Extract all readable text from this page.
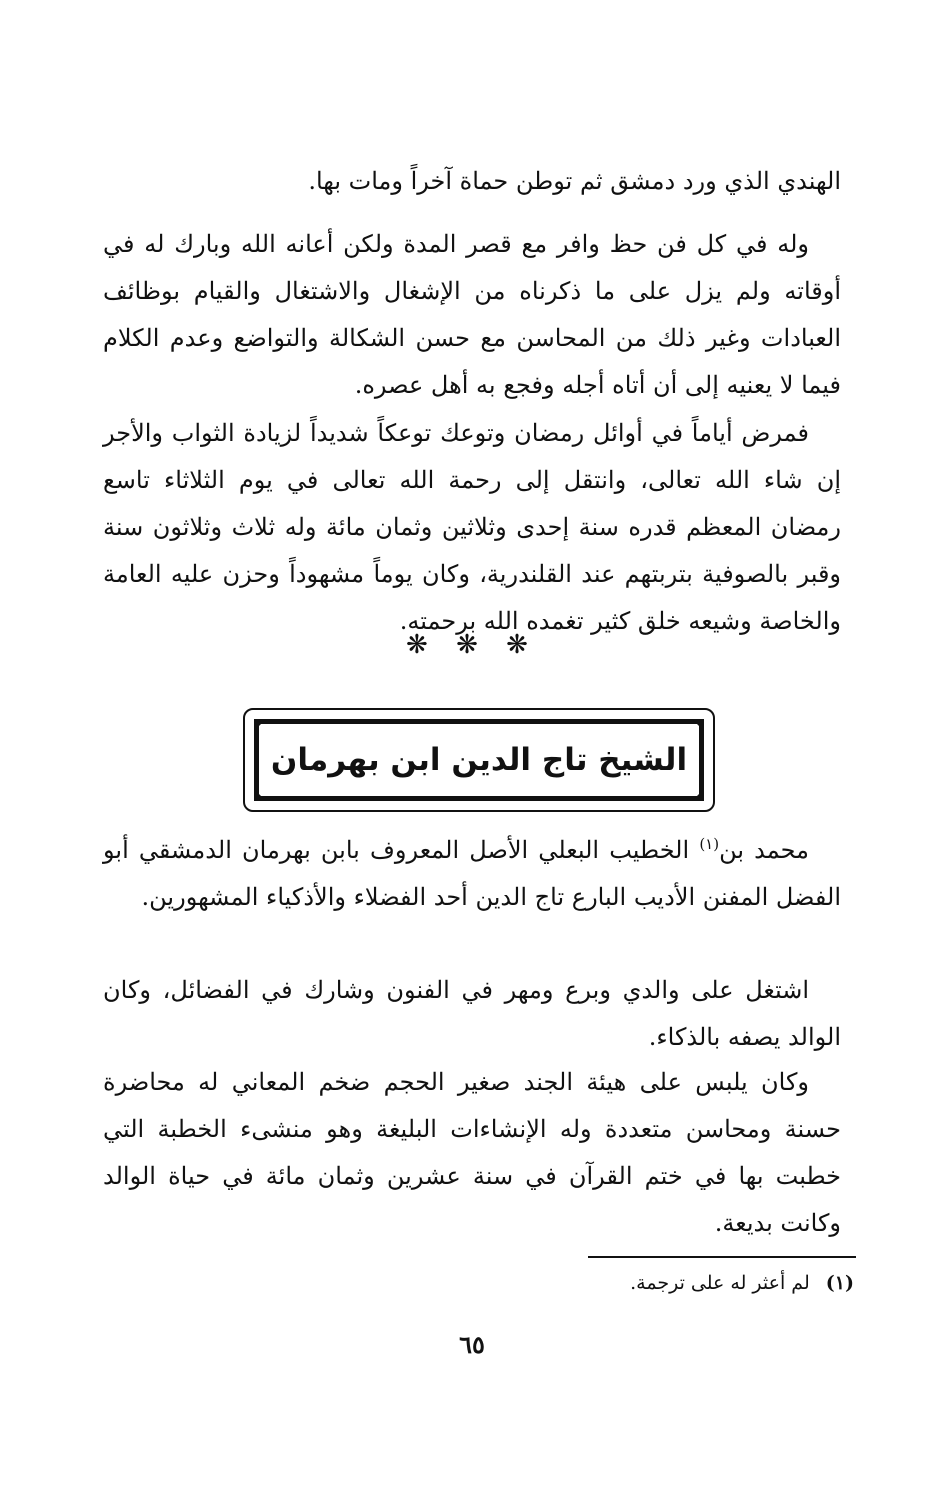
الهندي الذي ورد دمشق ثم توطن حماة آخراً ومات بها.

وله في كل فن حظ وافر مع قصر المدة ولكن أعانه الله وبارك له في أوقاته ولم يزل على ما ذكرناه من الإشغال والاشتغال والقيام بوظائف العبادات وغير ذلك من المحاسن مع حسن الشكالة والتواضع وعدم الكلام فيما لا يعنيه إلى أن أتاه أجله وفجع به أهل عصره.

فمرض أياماً في أوائل رمضان وتوعك توعكاً شديداً لزيادة الثواب والأجر إن شاء الله تعالى، وانتقل إلى رحمة الله تعالى في يوم الثلاثاء تاسع رمضان المعظم قدره سنة إحدى وثلاثين وثمان مائة وله ثلاث وثلاثون سنة وقبر بالصوفية بتربتهم عند القلندرية، وكان يوماً مشهوداً وحزن عليه العامة والخاصة وشيعه خلق كثير تغمده الله برحمته.

❋ ❋ ❋
الشيخ تاج الدين ابن بهرمان

محمد بن$^{(١)}$ الخطيب البعلي الأصل المعروف بابن بهرمان الدمشقي أبو الفضل المفنن الأديب البارع تاج الدين أحد الفضلاء والأذكياء المشهورين.

اشتغل على والدي وبرع ومهر في الفنون وشارك في الفضائل، وكان الوالد يصفه بالذكاء.

وكان يلبس على هيئة الجند صغير الحجم ضخم المعاني له محاضرة حسنة ومحاسن متعددة وله الإنشاءات البليغة وهو منشىء الخطبة التي خطبت بها في ختم القرآن في سنة عشرين وثمان مائة في حياة الوالد وكانت بديعة.

(١) لم أعثر له على ترجمة.
٦٥
